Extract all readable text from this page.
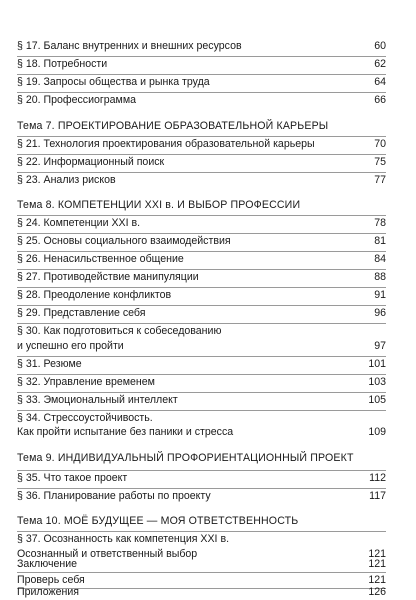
§ 17. Баланс внутренних и внешних ресурсов	60
§ 18. Потребности	62
§ 19. Запросы общества и рынка труда	64
§ 20. Профессиограмма	66
Тема 7. ПРОЕКТИРОВАНИЕ ОБРАЗОВАТЕЛЬНОЙ КАРЬЕРЫ
§ 21. Технология проектирования образовательной карьеры	70
§ 22. Информационный поиск	75
§ 23. Анализ рисков	77
Тема 8. КОМПЕТЕНЦИИ XXI в. И ВЫБОР ПРОФЕССИИ
§ 24. Компетенции XXI в.	78
§ 25. Основы социального взаимодействия	81
§ 26. Ненасильственное общение	84
§ 27. Противодействие манипуляции	88
§ 28. Преодоление конфликтов	91
§ 29. Представление себя	96
§ 30. Как подготовиться к собеседованию
и успешно его пройти	97
§ 31. Резюме	101
§ 32. Управление временем	103
§ 33. Эмоциональный интеллект	105
§ 34. Стрессоустойчивость.
Как пройти испытание без паники и стресса	109
Тема 9. ИНДИВИДУАЛЬНЫЙ ПРОФОРИЕНТАЦИОННЫЙ ПРОЕКТ
§ 35. Что такое проект	112
§ 36. Планирование работы по проекту	117
Тема 10. МОЁ БУДУЩЕЕ — МОЯ ОТВЕТСТВЕННОСТЬ
§ 37. Осознанность как компетенция XXI в.
Осознанный и ответственный выбор	121
Заключение	121
Проверь себя	121
Приложения	126
